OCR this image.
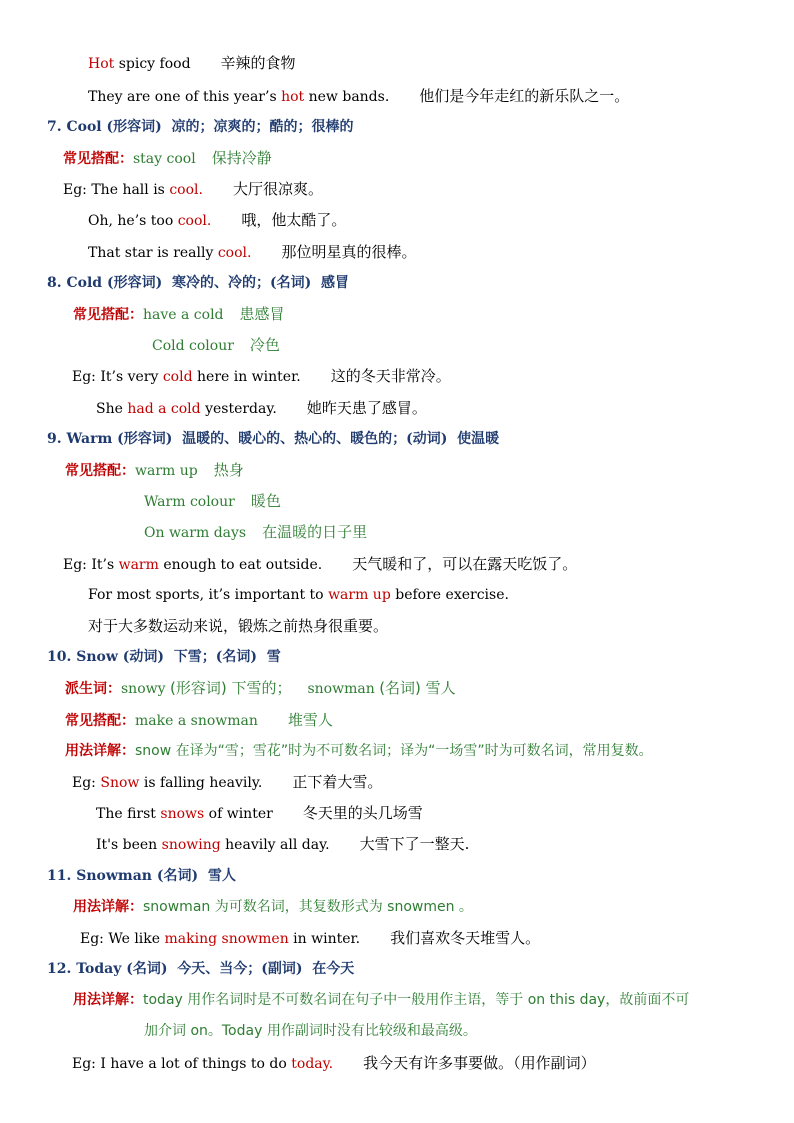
Hot spicy food 辛辣的食物
They are one of this year’s hot new bands. 他们是今年走红的新乐队之一。
7. Cool (形容词) 凉的；凉爽的；酷的；很棒的
常见搭配：stay cool 保持冷静
Eg: The hall is cool. 大厅很凉爽。
Oh, he’s too cool. 哦，他太酷了。
That star is really cool. 那位明星真的很棒。
8. Cold (形容词) 寒冷的、冷的；(名词) 感冒
常见搭配：have a cold 患感冒
Cold colour 冷色
Eg: It’s very cold here in winter. 这的冬天非常冷。
She had a cold yesterday. 她昨天患了感冒。
9. Warm (形容词) 温暖的、暖心的、热心的、暖色的；(动词) 使温暖
常见搭配：warm up 热身
Warm colour 暖色
On warm days 在温暖的日子里
Eg: It’s warm enough to eat outside. 天气暖和了，可以在露天吃饭了。
For most sports, it’s important to warm up before exercise.
对于大多数运动来说，锻炼之前热身很重要。
10. Snow (动词) 下雪；(名词) 雪
派生词：snowy (形容词) 下雪的； snowman (名词) 雪人
常见搭配：make a snowman 堆雪人
用法详解：snow 在译为“雪；雪花”时为不可数名词；译为“一场雪”时为可数名词，常用复数。
Eg: Snow is falling heavily. 正下着大雪。
The first snows of winter 冬天里的头几场雪
It's been snowing heavily all day. 大雪下了一整天.
11. Snowman (名词) 雪人
用法详解：snowman 为可数名词，其复数形式为 snowmen 。
Eg: We like making snowmen in winter. 我们喜欢冬天堆雪人。
12. Today (名词) 今天、当今；(副词) 在今天
用法详解：today 用作名词时是不可数名词在句子中一般用作主语，等于 on this day，故前面不可
加介词 on。Today 用作副词时没有比较级和最高级。
Eg: I have a lot of things to do today. 我今天有许多事要做。（用作副词）
